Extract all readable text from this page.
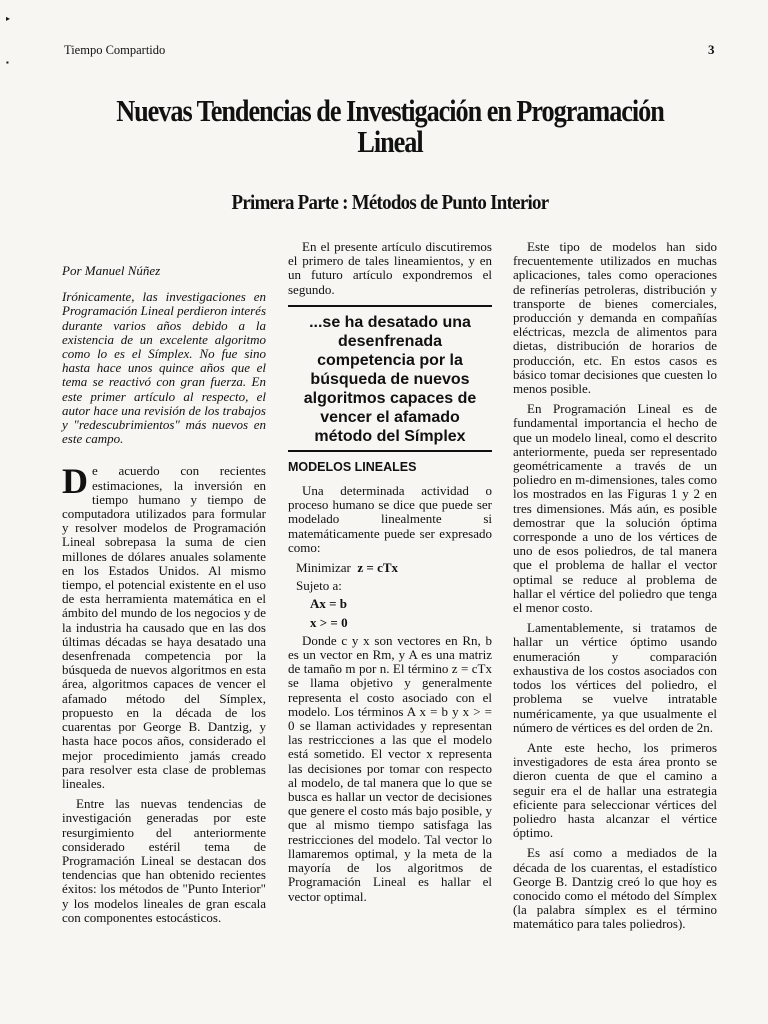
▸
▪
Tiempo Compartido	3
Nuevas Tendencias de Investigación en Programación Lineal
Primera Parte : Métodos de Punto Interior

Por Manuel Núñez

Irónicamente, las investigaciones en Programación Lineal perdieron interés durante varios años debido a la existencia de un excelente algoritmo como lo es el Símplex. No fue sino hasta hace unos quince años que el tema se reactivó con gran fuerza. En este primer artículo al respecto, el autor hace una revisión de los trabajos y "redescubrimientos" más nuevos en este campo.

De acuerdo con recientes estimaciones, la inversión en tiempo humano y tiempo de computadora utilizados para formular y resolver modelos de Programación Lineal sobrepasa la suma de cien millones de dólares anuales solamente en los Estados Unidos. Al mismo tiempo, el potencial existente en el uso de esta herramienta matemática en el ámbito del mundo de los negocios y de la industria ha causado que en las dos últimas décadas se haya desatado una desenfrenada competencia por la búsqueda de nuevos algoritmos en esta área, algoritmos capaces de vencer el afamado método del Símplex, propuesto en la década de los cuarentas por George B. Dantzig, y hasta hace pocos años, considerado el mejor procedimiento jamás creado para resolver esta clase de problemas lineales.

Entre las nuevas tendencias de investigación generadas por este resurgimiento del anteriormente considerado estéril tema de Programación Lineal se destacan dos tendencias que han obtenido recientes éxitos: los métodos de "Punto Interior" y los modelos lineales de gran escala con componentes estocásticos.

En el presente artículo discutiremos el primero de tales lineamientos, y en un futuro artículo expondremos el segundo.

...se ha desatado una desenfrenada competencia por la búsqueda de nuevos algoritmos capaces de vencer el afamado método del Símplex

MODELOS LINEALES

Una determinada actividad o proceso humano se dice que puede ser modelado linealmente si matemáticamente puede ser expresado como:

Minimizar z = cTx

Sujeto a:

Ax = b

x > = 0

Donde c y x son vectores en Rn, b es un vector en Rm, y A es una matriz de tamaño m por n. El término z = cTx se llama objetivo y generalmente representa el costo asociado con el modelo. Los términos A x = b y x > = 0 se llaman actividades y representan las restricciones a las que el modelo está sometido. El vector x representa las decisiones por tomar con respecto al modelo, de tal manera que lo que se busca es hallar un vector de decisiones que genere el costo más bajo posible, y que al mismo tiempo satisfaga las restricciones del modelo. Tal vector lo llamaremos optimal, y la meta de la mayoría de los algoritmos de Programación Lineal es hallar el vector optimal.

Este tipo de modelos han sido frecuentemente utilizados en muchas aplicaciones, tales como operaciones de refinerías petroleras, distribución y transporte de bienes comerciales, producción y demanda en compañías eléctricas, mezcla de alimentos para dietas, distribución de horarios de producción, etc. En estos casos es básico tomar decisiones que cuesten lo menos posible.

En Programación Lineal es de fundamental importancia el hecho de que un modelo lineal, como el descrito anteriormente, pueda ser representado geométricamente a través de un poliedro en m-dimensiones, tales como los mostrados en las Figuras 1 y 2 en tres dimensiones. Más aún, es posible demostrar que la solución óptima corresponde a uno de los vértices de uno de esos poliedros, de tal manera que el problema de hallar el vector optimal se reduce al problema de hallar el vértice del poliedro que tenga el menor costo.

Lamentablemente, si tratamos de hallar un vértice óptimo usando enumeración y comparación exhaustiva de los costos asociados con todos los vértices del poliedro, el problema se vuelve intratable numéricamente, ya que usualmente el número de vértices es del orden de 2n.

Ante este hecho, los primeros investigadores de esta área pronto se dieron cuenta de que el camino a seguir era el de hallar una estrategia eficiente para seleccionar vértices del poliedro hasta alcanzar el vértice óptimo.

Es así como a mediados de la década de los cuarentas, el estadístico George B. Dantzig creó lo que hoy es conocido como el método del Símplex (la palabra símplex es el término matemático para tales poliedros).
